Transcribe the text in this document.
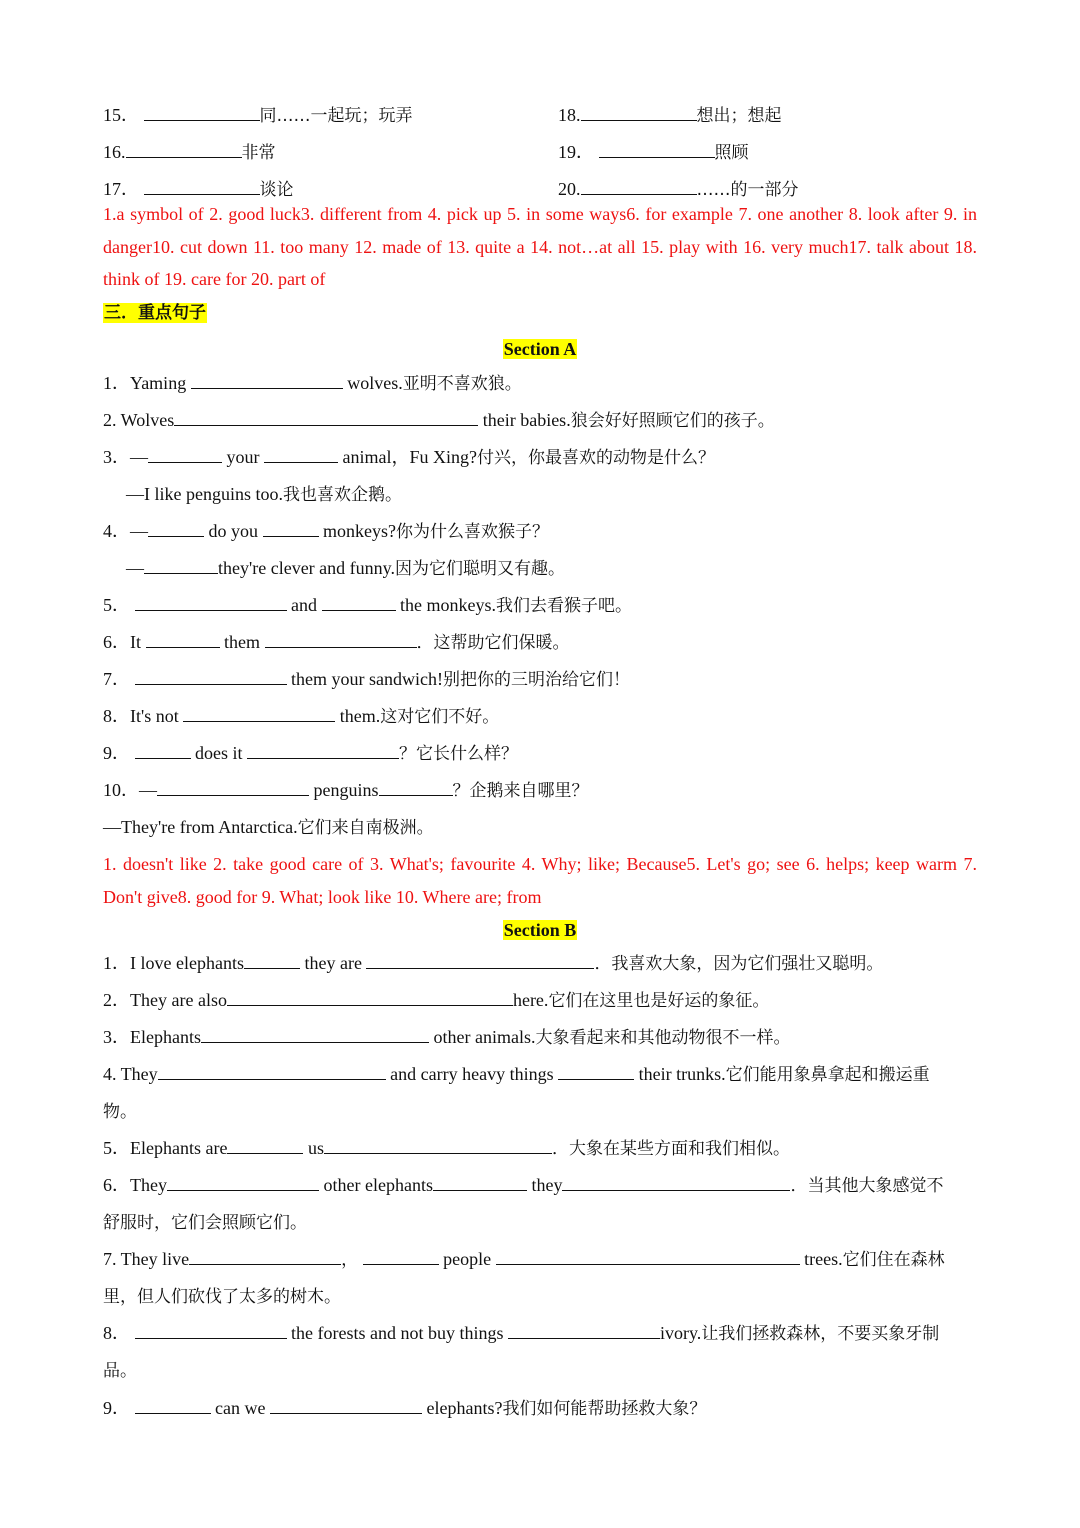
15．	同……一起玩；玩弄	18.	想出；想起
16.	非常	19．	照顾
17．	谈论	20.	……的一部分
1.a symbol of 2. good luck3. different from 4. pick up 5. in some ways6. for example 7. one another 8. look after 9. in danger10. cut down 11. too many 12. made of 13. quite a 14. not…at all 15. play with 16. very much17. talk about 18. think of 19. care for 20. part of
三．重点句子
Section A
1．Yaming	wolves.亚明不喜欢狼。
2. Wolves	their babies.狼会好好照顾它们的孩子。
3．—	your	animal，Fu Xing?付兴，你最喜欢的动物是什么？
—I like penguins too.我也喜欢企鹅。
4．—	do you	monkeys?你为什么喜欢猴子？
—	they're clever and funny.因为它们聪明又有趣。
5．	and	the monkeys.我们去看猴子吧。
6．It	them	．这帮助它们保暖。
7．	them your sandwich!别把你的三明治给它们！
8．It's not	them.这对它们不好。
9．	does it	？它长什么样？
10．—	penguins	？企鹅来自哪里？
—They're from Antarctica.它们来自南极洲。
1. doesn't like 2. take good care of 3. What's; favourite 4. Why; like; Because5. Let's go; see 6. helps; keep warm 7. Don't give8. good for 9. What; look like 10. Where are; from
Section B
1．I love elephants	they are	．我喜欢大象，因为它们强壮又聪明。
2．They are also	here.它们在这里也是好运的象征。
3．Elephants	other animals.大象看起来和其他动物很不一样。
4. They	and carry heavy things	their trunks.它们能用象鼻拿起和搬运重
物。
5．Elephants are	us	．大象在某些方面和我们相似。
6．They	other elephants	they	．当其他大象感觉不
舒服时，它们会照顾它们。
7. They live	，	people	trees.它们住在森林
里，但人们砍伐了太多的树木。
8．	the forests and not buy things	ivory.让我们拯救森林，不要买象牙制
品。
9．	can we	elephants?我们如何能帮助拯救大象？
